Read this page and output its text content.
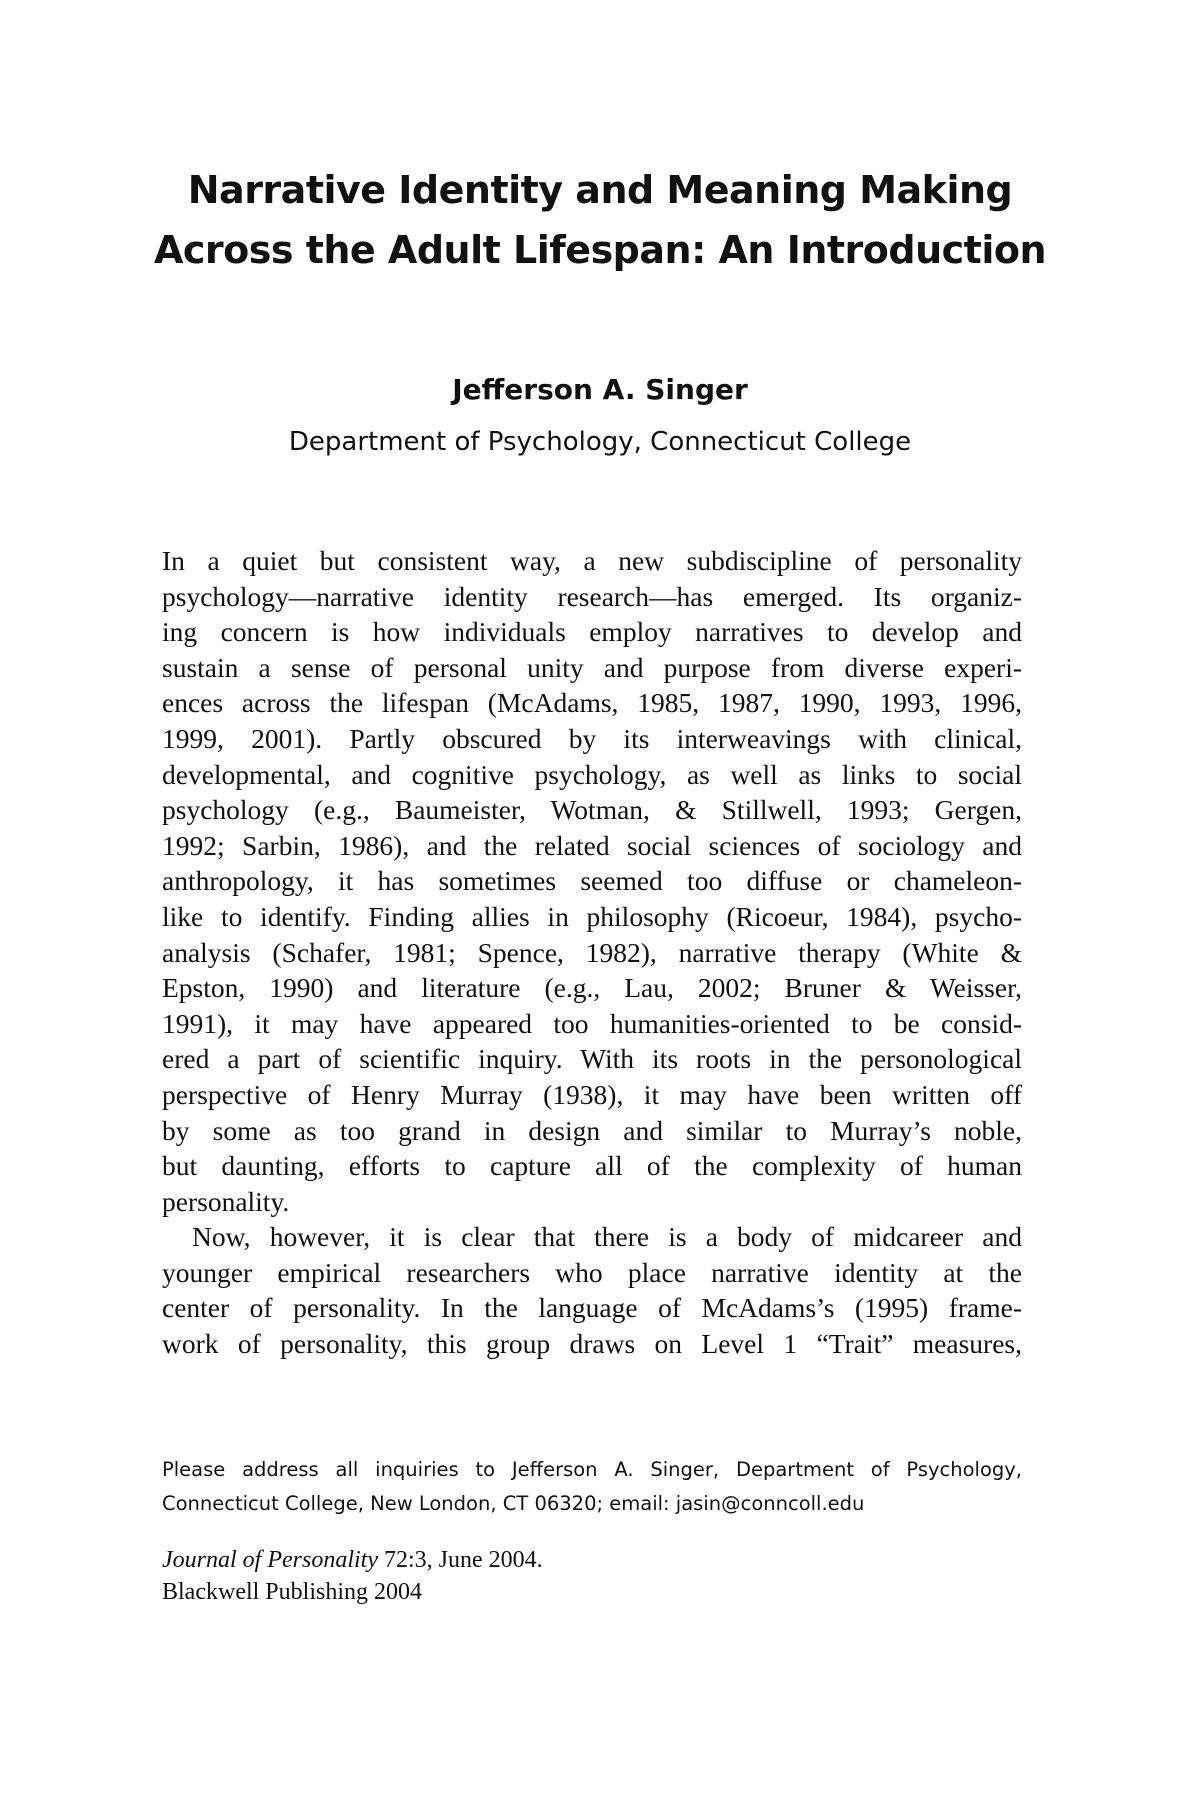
Narrative Identity and Meaning Making
Across the Adult Lifespan: An Introduction

Jefferson A. Singer

Department of Psychology, Connecticut College

In a quiet but consistent way, a new subdiscipline of personality
psychology—narrative identity research—has emerged. Its organiz-
ing concern is how individuals employ narratives to develop and
sustain a sense of personal unity and purpose from diverse experi-
ences across the lifespan (McAdams, 1985, 1987, 1990, 1993, 1996,
1999, 2001). Partly obscured by its interweavings with clinical,
developmental, and cognitive psychology, as well as links to social
psychology (e.g., Baumeister, Wotman, & Stillwell, 1993; Gergen,
1992; Sarbin, 1986), and the related social sciences of sociology and
anthropology, it has sometimes seemed too diffuse or chameleon-
like to identify. Finding allies in philosophy (Ricoeur, 1984), psycho-
analysis (Schafer, 1981; Spence, 1982), narrative therapy (White &
Epston, 1990) and literature (e.g., Lau, 2002; Bruner & Weisser,
1991), it may have appeared too humanities-oriented to be consid-
ered a part of scientific inquiry. With its roots in the personological
perspective of Henry Murray (1938), it may have been written off
by some as too grand in design and similar to Murray’s noble,
but daunting, efforts to capture all of the complexity of human
personality.
Now, however, it is clear that there is a body of midcareer and
younger empirical researchers who place narrative identity at the
center of personality. In the language of McAdams’s (1995) frame-
work of personality, this group draws on Level 1 “Trait” measures,
Please address all inquiries to Jefferson A. Singer, Department of Psychology,
Connecticut College, New London, CT 06320; email: jasin@conncoll.edu
Journal of Personality 72:3, June 2004.
Blackwell Publishing 2004
